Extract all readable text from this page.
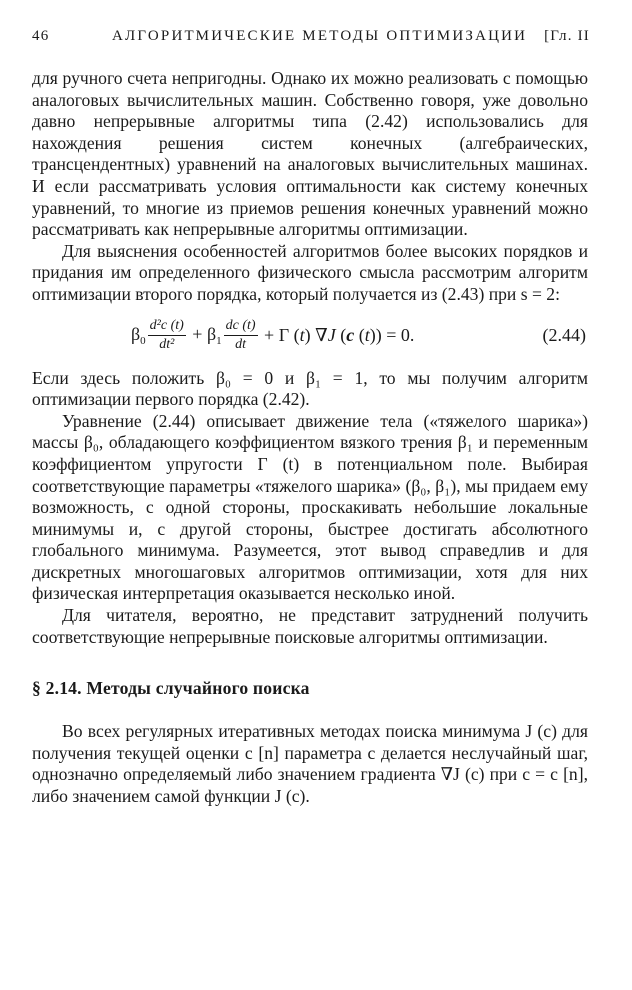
46	АЛГОРИТМИЧЕСКИЕ МЕТОДЫ ОПТИМИЗАЦИИ [Гл. II

для ручного счета непригодны. Однако их можно реализовать с помощью аналоговых вычислительных машин. Собственно говоря, уже довольно давно непрерывные алгоритмы типа (2.42) использовались для нахождения решения систем конечных (алгебраических, трансцендентных) уравнений на аналоговых вычислительных машинах. И если рассматривать условия оптимальности как систему конечных уравнений, то многие из приемов решения конечных уравнений можно рассматривать как непрерывные алгоритмы оптимизации.

Для выяснения особенностей алгоритмов более высоких порядков и придания им определенного физического смысла рассмотрим алгоритм оптимизации второго порядка, который получается из (2.43) при s = 2:

$\beta_0 \frac{\text{d²c (t)}}{\text{dt²}} + \beta_1 \frac{dc (t)}{dt} + \Gamma$ (t) ∇J (c (t)) = 0.	(2.44)

Если здесь положить β₀ = 0 и β₁ = 1, то мы получим алгоритм оптимизации первого порядка (2.42).

Уравнение (2.44) описывает движение тела («тяжелого шарика») массы β₀, обладающего коэффициентом вязкого трения β₁ и переменным коэффициентом упругости Γ (t) в потенциальном поле. Выбирая соответствующие параметры «тяжелого шарика» (β₀, β₁), мы придаем ему возможность, с одной стороны, проскакивать небольшие локальные минимумы и, с другой стороны, быстрее достигать абсолютного глобального минимума. Разумеется, этот вывод справедлив и для дискретных многошаговых алгоритмов оптимизации, хотя для них физическая интерпретация оказывается несколько иной.

Для читателя, вероятно, не представит затруднений получить соответствующие непрерывные поисковые алгоритмы оптимизации.

§ 2.14. Методы случайного поиска

Во всех регулярных итеративных методах поиска минимума J (c) для получения текущей оценки c [n] параметра c делается неслучайный шаг, однозначно определяемый либо значением градиента ∇J (c) при c = c [n], либо значением самой функции J (c).
